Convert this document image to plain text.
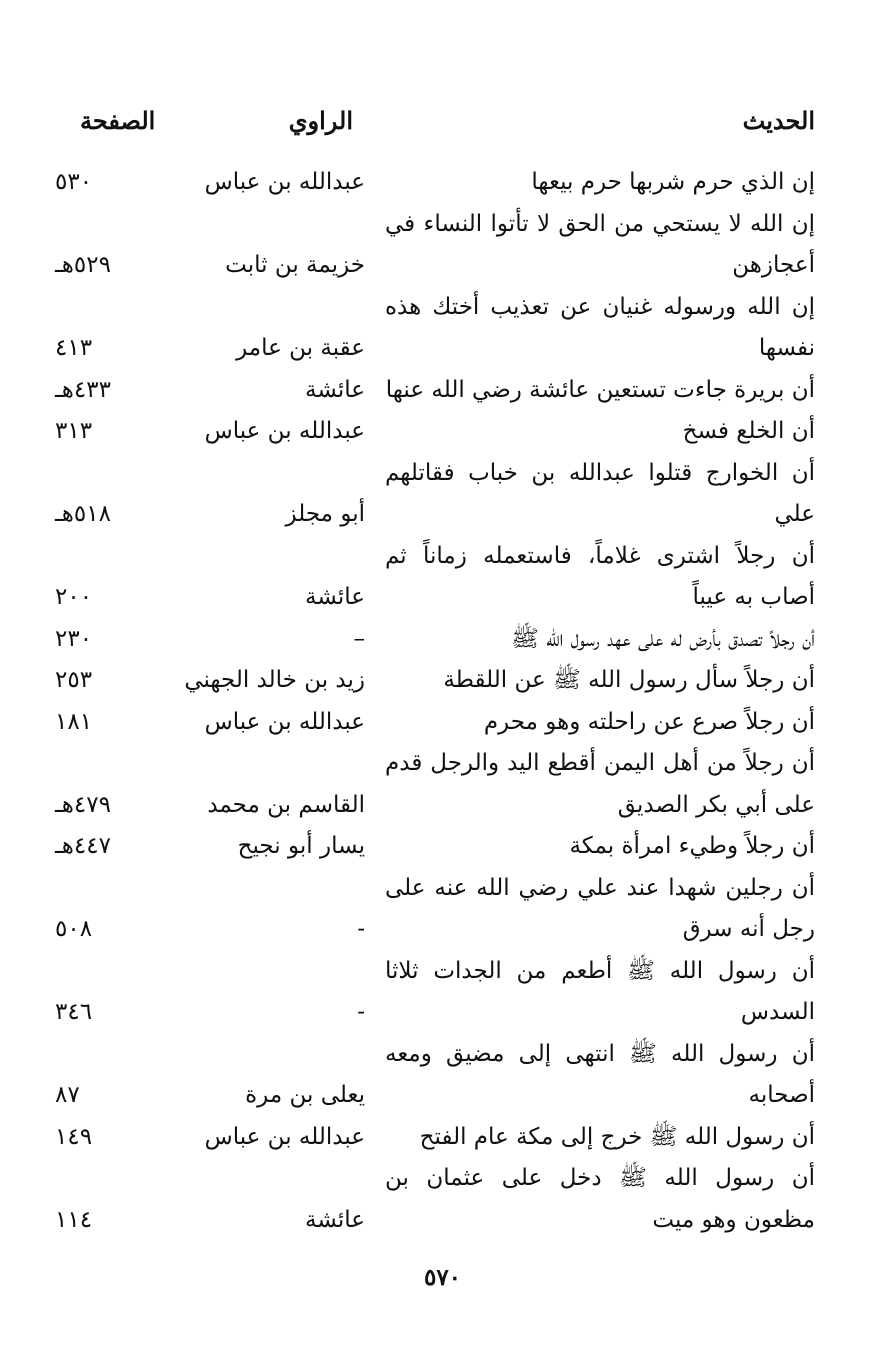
الحديث
الراوي
الصفحة
إن الذي حرم شربها حرم بيعها
عبدالله بن عباس
٥٣٠
إن الله لا يستحي من الحق لا تأتوا النساء في أعجازهن
خزيمة بن ثابت
٥٢٩هـ
إن الله ورسوله غنيان عن تعذيب أختك هذه نفسها
عقبة بن عامر
٤١٣
أن بريرة جاءت تستعين عائشة رضي الله عنها
عائشة
٤٣٣هـ
أن الخلع فسخ
عبدالله بن عباس
٣١٣
أن الخوارج قتلوا عبدالله بن خباب فقاتلهم علي
أبو مجلز
٥١٨هـ
أن رجلاً اشترى غلاماً، فاستعمله زماناً ثم أصاب به عيباً
عائشة
٢٠٠
أن رجلاً تصدق بأرض له على عهد رسول الله ﷺ
–
٢٣٠
أن رجلاً سأل رسول الله ﷺ عن اللقطة
زيد بن خالد الجهني
٢٥٣
أن رجلاً صرع عن راحلته وهو محرم
عبدالله بن عباس
١٨١
أن رجلاً من أهل اليمن أقطع اليد والرجل قدم على أبي بكر الصديق
القاسم بن محمد
٤٧٩هـ
أن رجلاً وطيء امرأة بمكة
يسار أبو نجيح
٤٤٧هـ
أن رجلين شهدا عند علي رضي الله عنه على رجل أنه سرق
-
٥٠٨
أن رسول الله ﷺ أطعم من الجدات ثلاثا السدس
-
٣٤٦
أن رسول الله ﷺ انتهى إلى مضيق ومعه أصحابه
يعلى بن مرة
٨٧
أن رسول الله ﷺ خرج إلى مكة عام الفتح
عبدالله بن عباس
١٤٩
أن رسول الله ﷺ دخل على عثمان بن مظعون وهو ميت
عائشة
١١٤
٥٧٠
